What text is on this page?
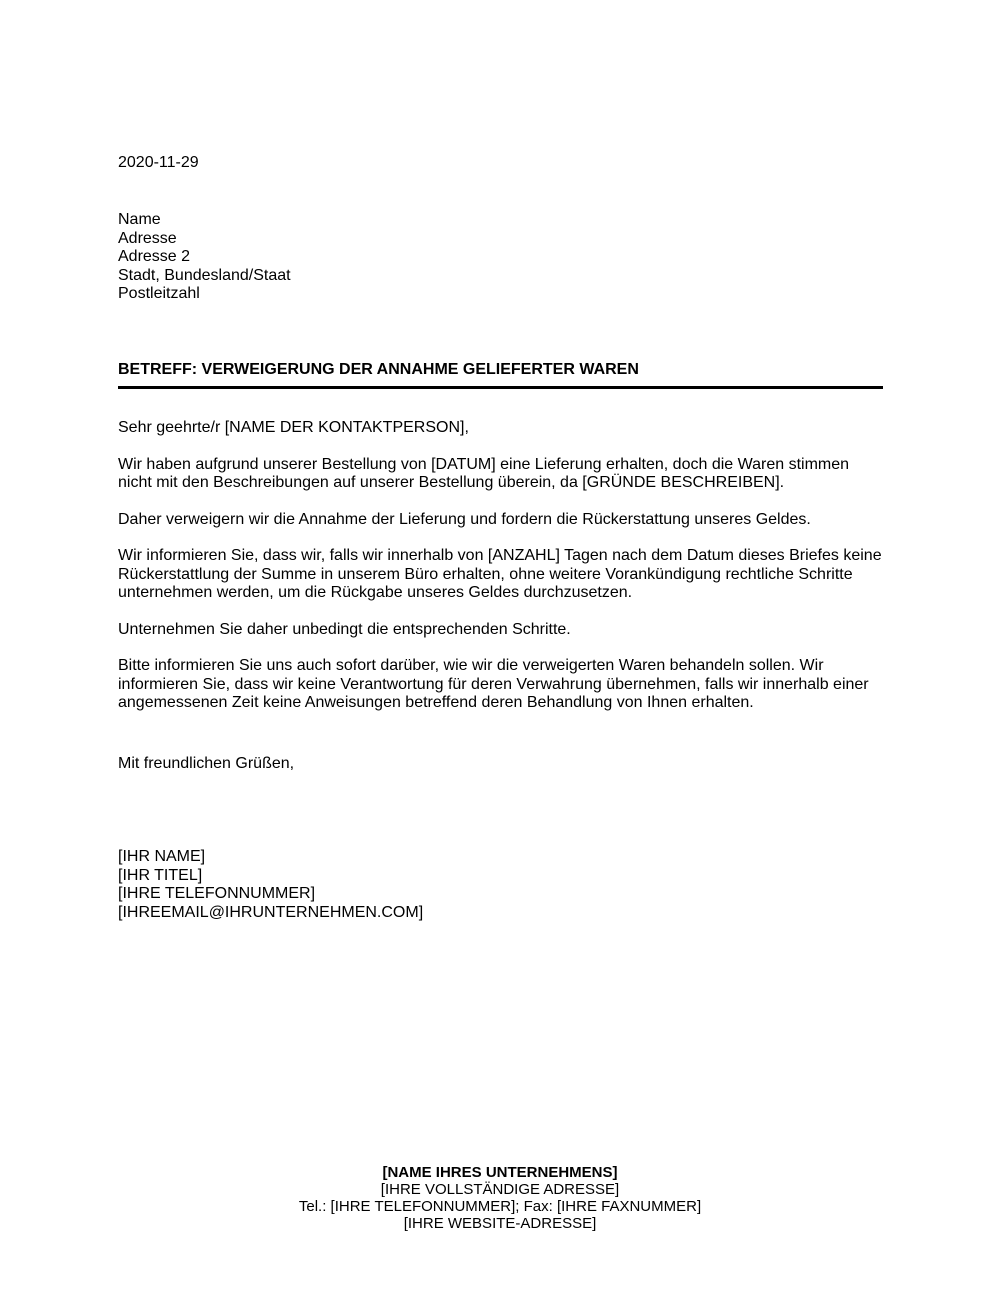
2020-11-29
Name
Adresse
Adresse 2
Stadt, Bundesland/Staat
Postleitzahl
BETREFF: VERWEIGERUNG DER ANNAHME GELIEFERTER WAREN

Sehr geehrte/r [NAME DER KONTAKTPERSON],

Wir haben aufgrund unserer Bestellung von [DATUM] eine Lieferung erhalten, doch die Waren stimmen nicht mit den Beschreibungen auf unserer Bestellung überein, da [GRÜNDE BESCHREIBEN].

Daher verweigern wir die Annahme der Lieferung und fordern die Rückerstattung unseres Geldes.

Wir informieren Sie, dass wir, falls wir innerhalb von [ANZAHL] Tagen nach dem Datum dieses Briefes keine Rückerstattlung der Summe in unserem Büro erhalten, ohne weitere Vorankündigung rechtliche Schritte unternehmen werden, um die Rückgabe unseres Geldes durchzusetzen.

Unternehmen Sie daher unbedingt die entsprechenden Schritte.

Bitte informieren Sie uns auch sofort darüber, wie wir die verweigerten Waren behandeln sollen. Wir informieren Sie, dass wir keine Verantwortung für deren Verwahrung übernehmen, falls wir innerhalb einer angemessenen Zeit keine Anweisungen betreffend deren Behandlung von Ihnen erhalten.

Mit freundlichen Grüßen,
[IHR NAME]
[IHR TITEL]
[IHRE TELEFONNUMMER]
[IHREEMAIL@IHRUNTERNEHMEN.COM]
[NAME IHRES UNTERNEHMENS]
[IHRE VOLLSTÄNDIGE ADRESSE]
Tel.: [IHRE TELEFONNUMMER]; Fax: [IHRE FAXNUMMER]
[IHRE WEBSITE-ADRESSE]
